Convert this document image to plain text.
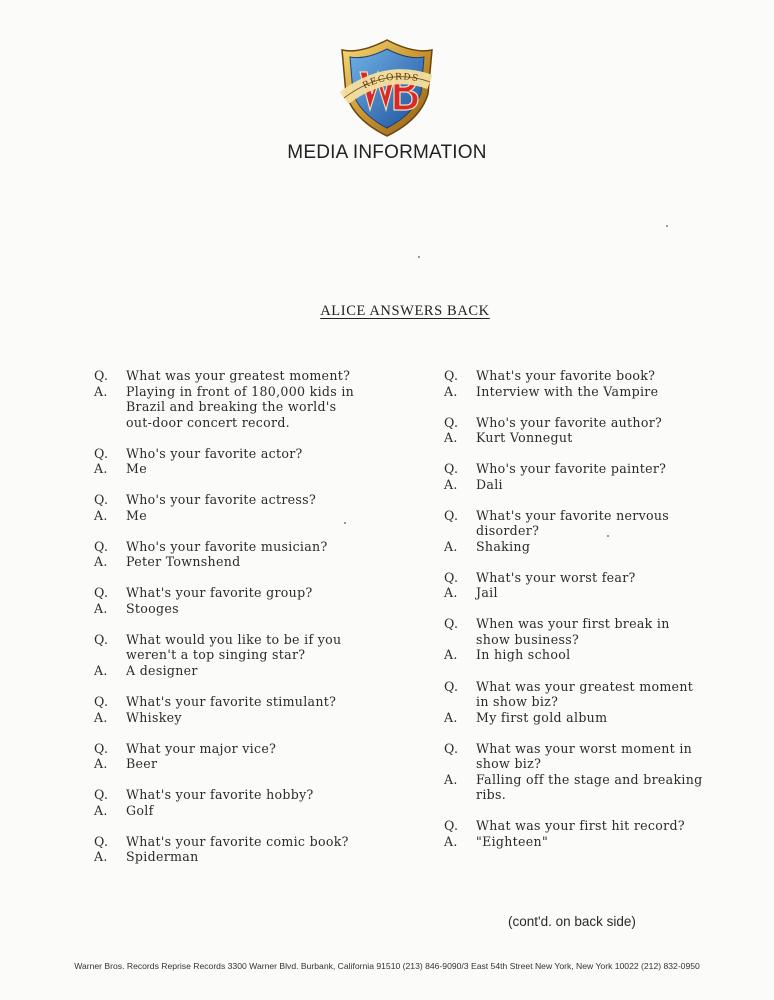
RECORDS
MEDIA INFORMATION
ALICE ANSWERS BACK
Q.	What was your greatest moment?
A.	Playing in front of 180,000 kids in
Brazil and breaking the world's
out-door concert record.
Q.	Who's your favorite actor?
A.	Me
Q.	Who's your favorite actress?
A.	Me
Q.	Who's your favorite musician?
A.	Peter Townshend
Q.	What's your favorite group?
A.	Stooges
Q.	What would you like to be if you
weren't a top singing star?
A.	A designer
Q.	What's your favorite stimulant?
A.	Whiskey
Q.	What your major vice?
A.	Beer
Q.	What's your favorite hobby?
A.	Golf
Q.	What's your favorite comic book?
A.	Spiderman
Q.	What's your favorite book?
A.	Interview with the Vampire
Q.	Who's your favorite author?
A.	Kurt Vonnegut
Q.	Who's your favorite painter?
A.	Dali
Q.	What's your favorite nervous
disorder?
A.	Shaking
Q.	What's your worst fear?
A.	Jail
Q.	When was your first break in
show business?
A.	In high school
Q.	What was your greatest moment
in show biz?
A.	My first gold album
Q.	What was your worst moment in
show biz?
A.	Falling off the stage and breaking
ribs.
Q.	What was your first hit record?
A.	"Eighteen"
(cont'd. on back side)
Warner Bros. Records Reprise Records 3300 Warner Blvd. Burbank, California 91510 (213) 846-9090/3 East 54th Street New York, New York 10022 (212) 832-0950
